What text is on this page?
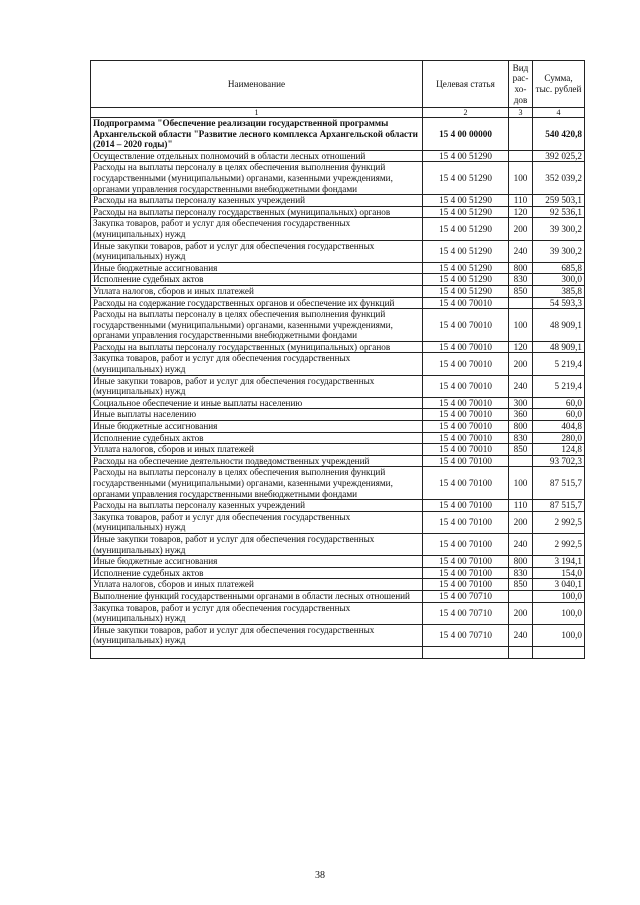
Наименование	Целевая статья	Вид рас-хо-дов	Сумма, тыс. рублей
1	2	3	4
Подпрограмма "Обеспечение реализации государственной программы Архангельской области "Развитие лесного комплекса Архангельской области (2014 – 2020 годы)"	15 4 00 00000		540 420,8
Осуществление отдельных полномочий в области лесных отношений	15 4 00 51290		392 025,2
Расходы на выплаты персоналу в целях обеспечения выполнения функций государственными (муниципальными) органами, казенными учреждениями, органами управления государственными внебюджетными фондами	15 4 00 51290	100	352 039,2
Расходы на выплаты персоналу казенных учреждений	15 4 00 51290	110	259 503,1
Расходы на выплаты персоналу государственных (муниципальных) органов	15 4 00 51290	120	92 536,1
Закупка товаров, работ и услуг для обеспечения государственных (муниципальных) нужд	15 4 00 51290	200	39 300,2
Иные закупки товаров, работ и услуг для обеспечения государственных (муниципальных) нужд	15 4 00 51290	240	39 300,2
Иные бюджетные ассигнования	15 4 00 51290	800	685,8
Исполнение судебных актов	15 4 00 51290	830	300,0
Уплата налогов, сборов и иных платежей	15 4 00 51290	850	385,8
Расходы на содержание государственных органов и обеспечение их функций	15 4 00 70010		54 593,3
Расходы на выплаты персоналу в целях обеспечения выполнения функций государственными (муниципальными) органами, казенными учреждениями, органами управления государственными внебюджетными фондами	15 4 00 70010	100	48 909,1
Расходы на выплаты персоналу государственных (муниципальных) органов	15 4 00 70010	120	48 909,1
Закупка товаров, работ и услуг для обеспечения государственных (муниципальных) нужд	15 4 00 70010	200	5 219,4
Иные закупки товаров, работ и услуг для обеспечения государственных (муниципальных) нужд	15 4 00 70010	240	5 219,4
Социальное обеспечение и иные выплаты населению	15 4 00 70010	300	60,0
Иные выплаты населению	15 4 00 70010	360	60,0
Иные бюджетные ассигнования	15 4 00 70010	800	404,8
Исполнение судебных актов	15 4 00 70010	830	280,0
Уплата налогов, сборов и иных платежей	15 4 00 70010	850	124,8
Расходы на обеспечение деятельности подведомственных учреждений	15 4 00 70100		93 702,3
Расходы на выплаты персоналу в целях обеспечения выполнения функций государственными (муниципальными) органами, казенными учреждениями, органами управления государственными внебюджетными фондами	15 4 00 70100	100	87 515,7
Расходы на выплаты персоналу казенных учреждений	15 4 00 70100	110	87 515,7
Закупка товаров, работ и услуг для обеспечения государственных (муниципальных) нужд	15 4 00 70100	200	2 992,5
Иные закупки товаров, работ и услуг для обеспечения государственных (муниципальных) нужд	15 4 00 70100	240	2 992,5
Иные бюджетные ассигнования	15 4 00 70100	800	3 194,1
Исполнение судебных актов	15 4 00 70100	830	154,0
Уплата налогов, сборов и иных платежей	15 4 00 70100	850	3 040,1
Выполнение функций государственными органами в области лесных отношений	15 4 00 70710		100,0
Закупка товаров, работ и услуг для обеспечения государственных (муниципальных) нужд	15 4 00 70710	200	100,0
Иные закупки товаров, работ и услуг для обеспечения государственных (муниципальных) нужд	15 4 00 70710	240	100,0

38
